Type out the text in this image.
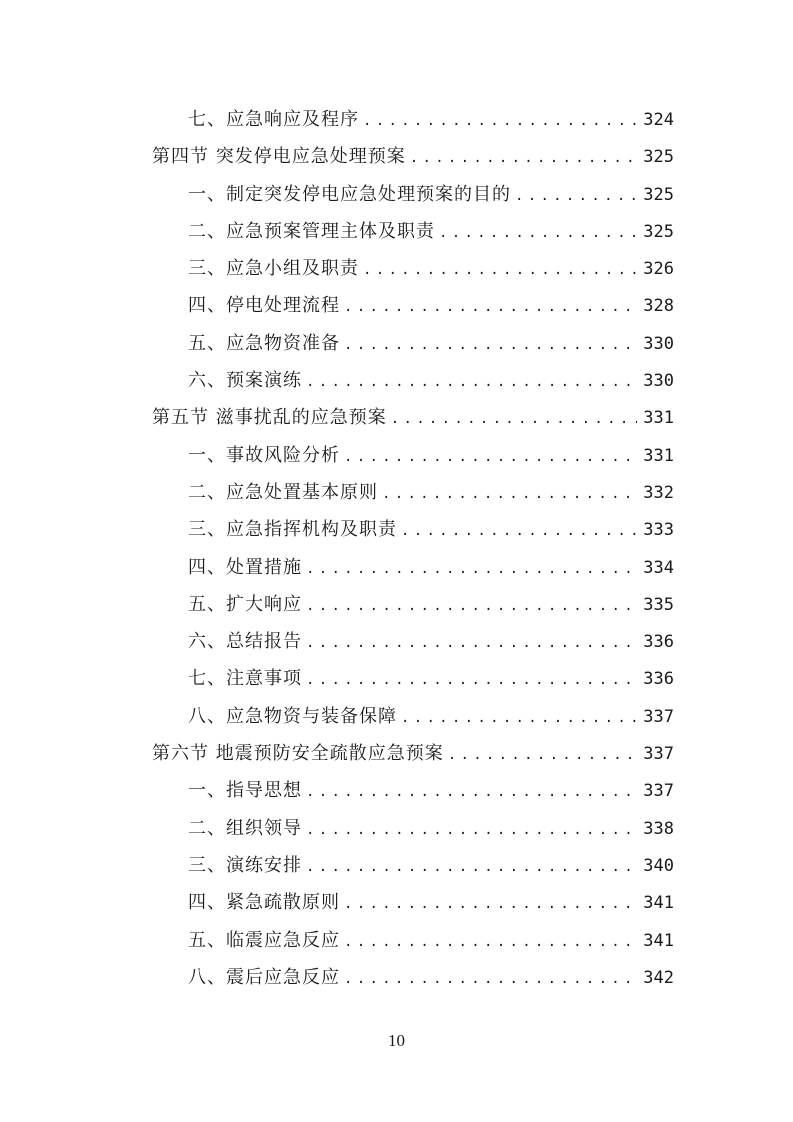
七、应急响应及程序 .....	324
第四节 突发停电应急处理预案 .....	325
一、制定突发停电应急处理预案的目的 .....	325
二、应急预案管理主体及职责 .....	325
三、应急小组及职责 .....	326
四、停电处理流程 .....	328
五、应急物资准备 .....	330
六、预案演练 .....	330
第五节 滋事扰乱的应急预案 .....	331
一、事故风险分析 .....	331
二、应急处置基本原则 .....	332
三、应急指挥机构及职责 .....	333
四、处置措施 .....	334
五、扩大响应 .....	335
六、总结报告 .....	336
七、注意事项 .....	336
八、应急物资与装备保障 .....	337
第六节 地震预防安全疏散应急预案 .....	337
一、指导思想 .....	337
二、组织领导 .....	338
三、演练安排 .....	340
四、紧急疏散原则 .....	341
五、临震应急反应 .....	341
八、震后应急反应 .....	342
10
